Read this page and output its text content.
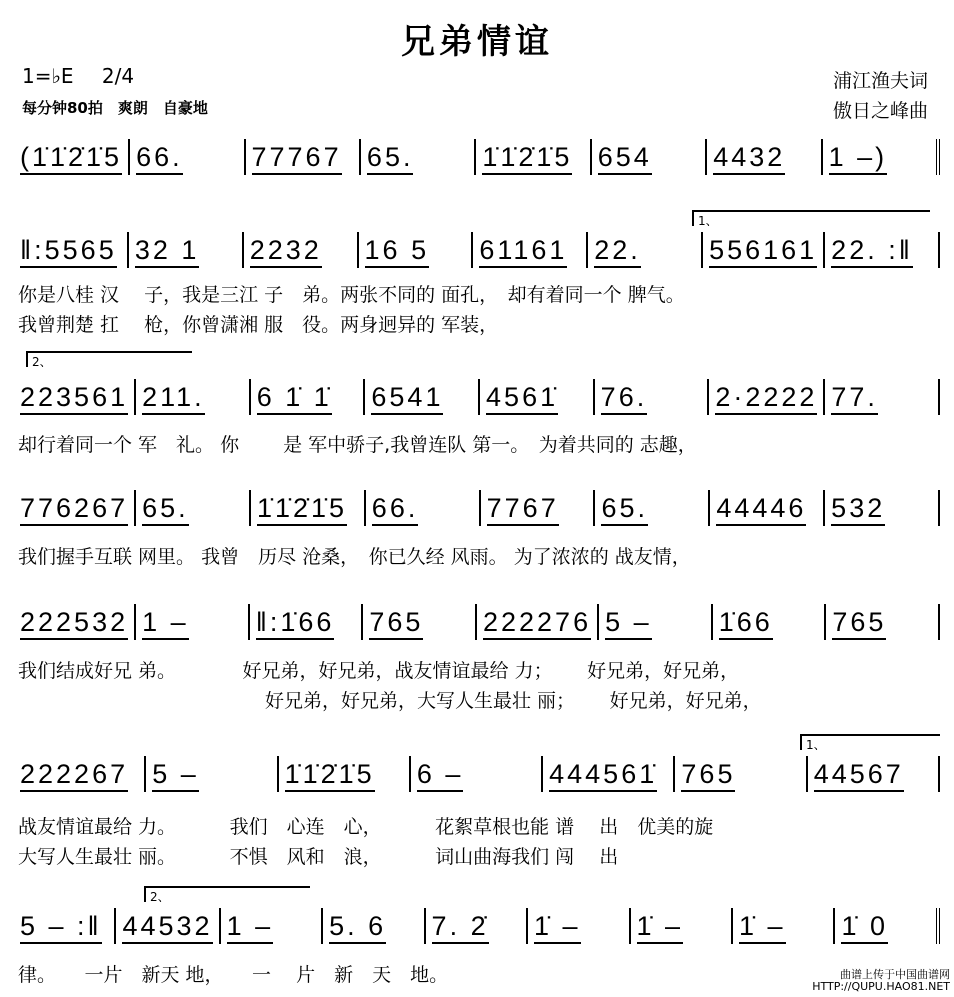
兄弟情谊
1=♭E 2/4
每分钟80拍　爽朗　自豪地
浦江渔夫词
傲日之峰曲
(1̇1̇2̇1̇5 66.	77767 65.	1̇1̇2̇1̇5 654 4432 1 –)
‖:5565 32 1 2232 16 5 61161 22.	556161 22. :‖
223561 211. 6 1̇ 1̇ 6541 4561̇ 76.	2·2222 77.
776267 65.	1̇1̇2̇1̇5 66.	7767 65.	44446 532
222532 1 – ‖:1̇66 765 222276 5 – 1̇66 765
222267 5 –	1̇1̇2̇1̇5 6 –	444561̇ 765	44567
5 – :‖ 44532 1 – 5. 6 7. 2̇ 1̇ – 1̇ – 1̇ – 1̇ 0
1、
2、
1、
2、
你是八桂 汉　 子，我是三江 子　弟。两张不同的 面孔，　却有着同一个 脾气。
我曾荆楚 扛　 枪，你曾潇湘 服　役。两身迥异的 军装，
却行着同一个 军　礼。 你　　 是 军中骄子,我曾连队 第一。　为着共同的 志趣，
我们握手互联 网里。 我曾　历尽 沧桑，　你已久经 风雨。 为了浓浓的 战友情，
我们结成好兄 弟。　　　　好兄弟，好兄弟，战友情谊最给 力；　　 好兄弟，好兄弟，
　　　　　　　　　　　　　好兄弟，好兄弟，大写人生最壮 丽；　　 好兄弟，好兄弟，
战友情谊最给 力。　　　 我们　心连　心，　　　 花絮草根也能 谱　 出　优美的旋
大写人生最壮 丽。　　　 不惧　风和　浪，　　　 词山曲海我们 闯　 出
律。　　一片　新天 地，　　一　 片　新　天　地。	曲谱上传于中国曲谱网
HTTP://QUPU.HAO81.NET
